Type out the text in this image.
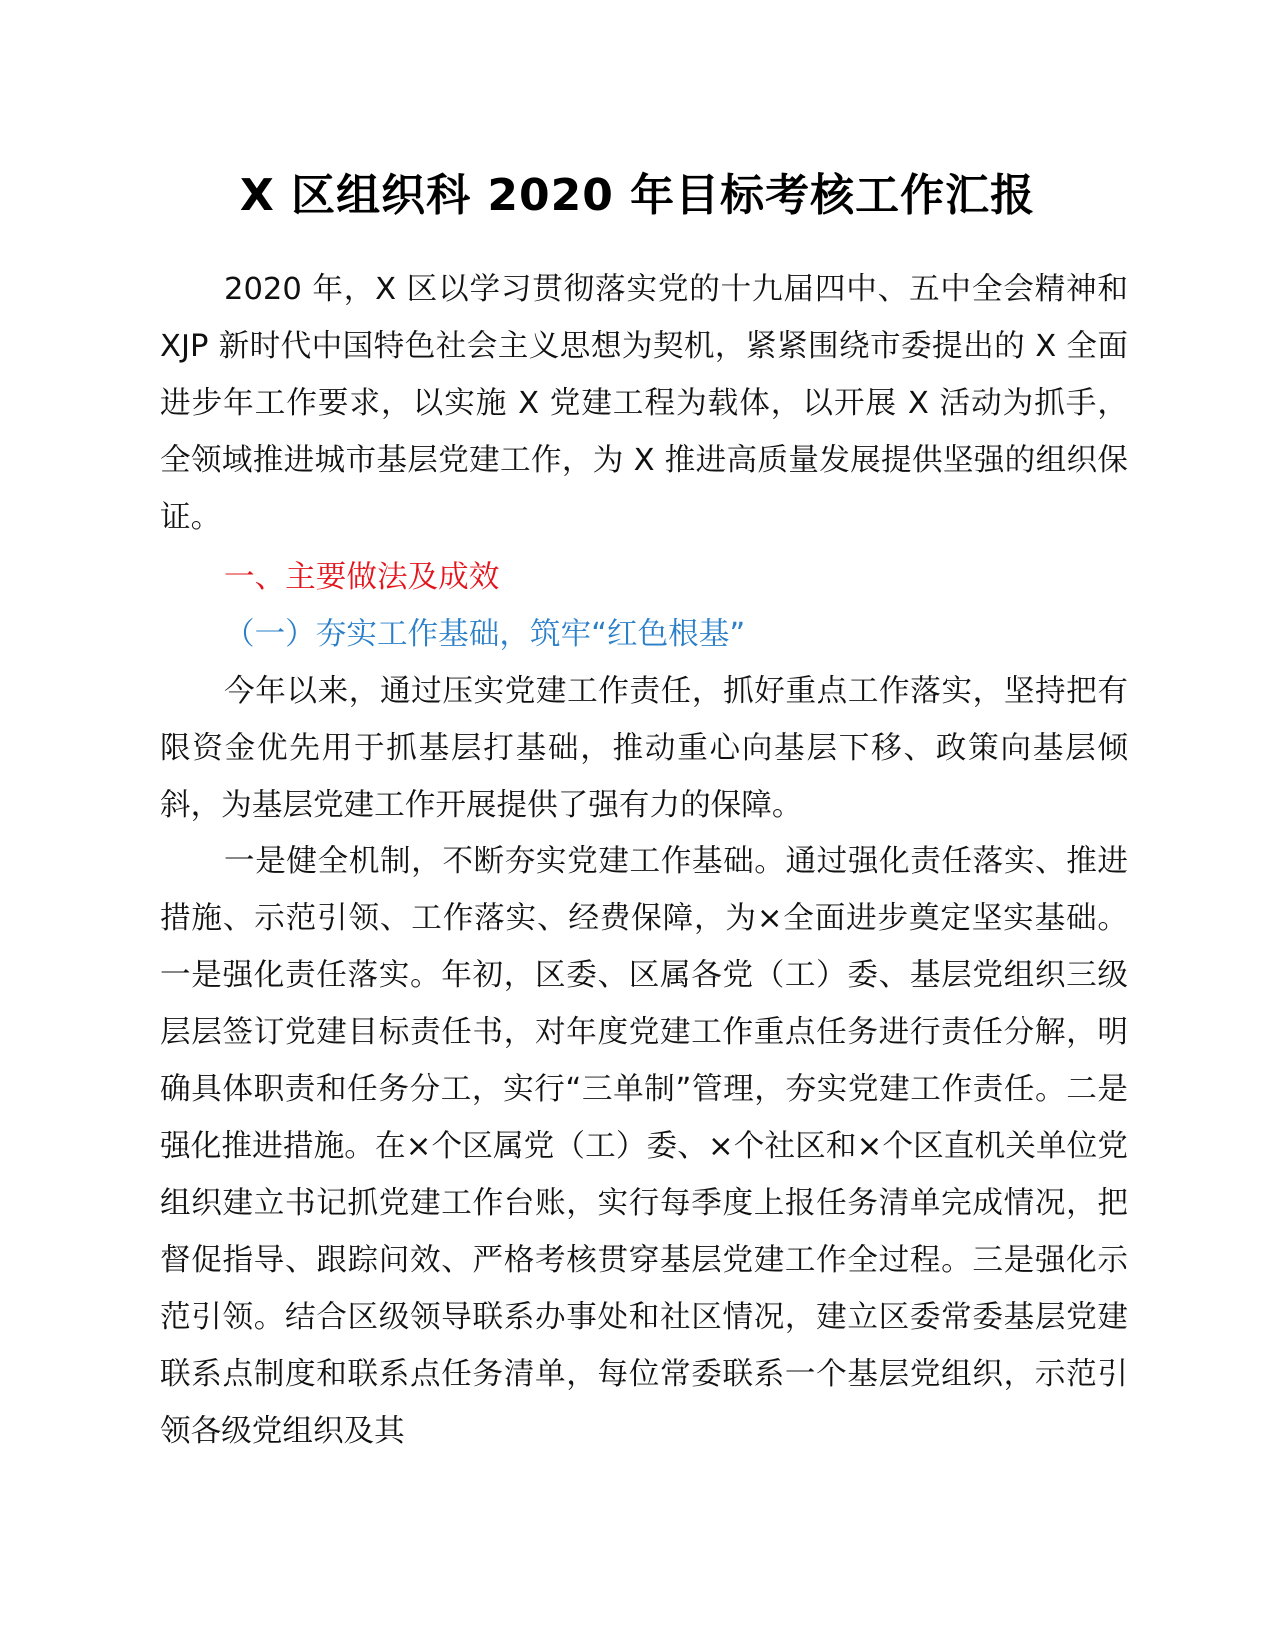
X 区组织科 2020 年目标考核工作汇报

2020 年，X 区以学习贯彻落实党的十九届四中、五中全会精神和 XJP 新时代中国特色社会主义思想为契机，紧紧围绕市委提出的 X 全面进步年工作要求，以实施 X 党建工程为载体，以开展 X 活动为抓手，全领域推进城市基层党建工作，为 X 推进高质量发展提供坚强的组织保证。

一、主要做法及成效
（一）夯实工作基础，筑牢“红色根基”

今年以来，通过压实党建工作责任，抓好重点工作落实，坚持把有限资金优先用于抓基层打基础，推动重心向基层下移、政策向基层倾斜，为基层党建工作开展提供了强有力的保障。

一是健全机制，不断夯实党建工作基础。通过强化责任落实、推进措施、示范引领、工作落实、经费保障，为×全面进步奠定坚实基础。一是强化责任落实。年初，区委、区属各党（工）委、基层党组织三级层层签订党建目标责任书，对年度党建工作重点任务进行责任分解，明确具体职责和任务分工，实行“三单制”管理，夯实党建工作责任。二是强化推进措施。在×个区属党（工）委、×个社区和×个区直机关单位党组织建立书记抓党建工作台账，实行每季度上报任务清单完成情况，把督促指导、跟踪问效、严格考核贯穿基层党建工作全过程。三是强化示范引领。结合区级领导联系办事处和社区情况，建立区委常委基层党建联系点制度和联系点任务清单，每位常委联系一个基层党组织，示范引领各级党组织及其
